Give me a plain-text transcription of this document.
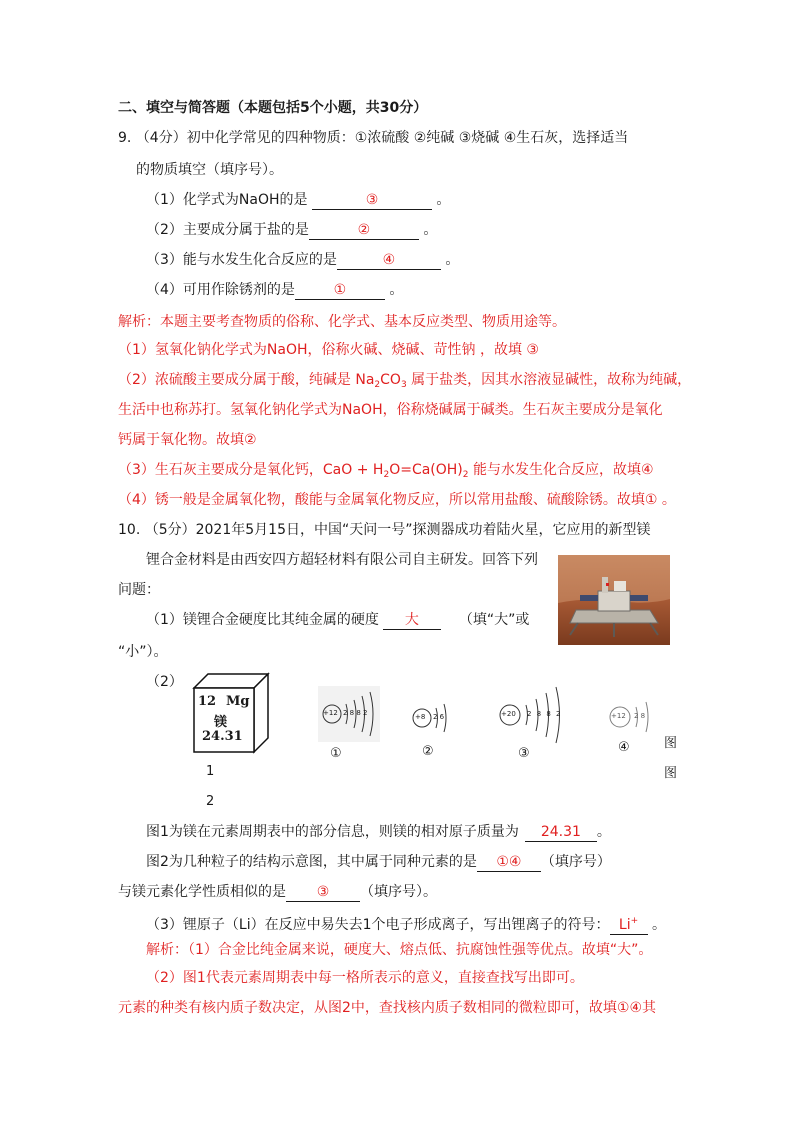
二、填空与简答题（本题包括5个小题，共30分）
9. （4分）初中化学常见的四种物质：①浓硫酸 ②纯碱 ③烧碱 ④生石灰，选择适当
的物质填空（填序号）。
（1）化学式为NaOH的是	③	。
（2）主要成分属于盐的是	②	。
（3）能与水发生化合反应的是	④	。
（4）可用作除锈剂的是	①	。
解析：本题主要考查物质的俗称、化学式、基本反应类型、物质用途等。
（1）氢氧化钠化学式为NaOH，俗称火碱、烧碱、苛性钠 ，故填 ③
（2）浓硫酸主要成分属于酸，纯碱是 $Na_2CO_3$ 属于盐类，因其水溶液显碱性，故称为纯碱，
生活中也称苏打。氢氧化钠化学式为NaOH，俗称烧碱属于碱类。生石灰主要成分是氧化
钙属于氧化物。故填②
（3）生石灰主要成分是氧化钙，CaO + $H_2O=Ca(OH)_2$ 能与水发生化合反应，故填④
（4）锈一般是金属氧化物，酸能与金属氧化物反应，所以常用盐酸、硫酸除锈。故填① 。
10. （5分）2021年5月15日，中国“天问一号”探测器成功着陆火星，它应用的新型镁
锂合金材料是由西安四方超轻材料有限公司自主研发。回答下列
问题：
（1）镁锂合金硬度比其纯金属的硬度 大	（填“大”或
“小”）。
（2）
12 Mg
镁
24.31
1
2
+12 2 8 8 2
①
+8 2 6
②
+20 2 8 8 2
③
+12 2 8
④	图
图
图1为镁在元素周期表中的部分信息，则镁的相对原子质量为 24.31 。
图2为几种粒子的结构示意图，其中属于同种元素的是 ①④ （填序号）
与镁元素化学性质相似的是 ③ （填序号）。
（3）锂原子（Li）在反应中易失去1个电子形成离子，写出锂离子的符号： Li+ 。
解析：（1）合金比纯金属来说，硬度大、熔点低、抗腐蚀性强等优点。故填“大”。
（2）图1代表元素周期表中每一格所表示的意义，直接查找写出即可。
元素的种类有核内质子数决定，从图2中，查找核内质子数相同的微粒即可，故填①④其
